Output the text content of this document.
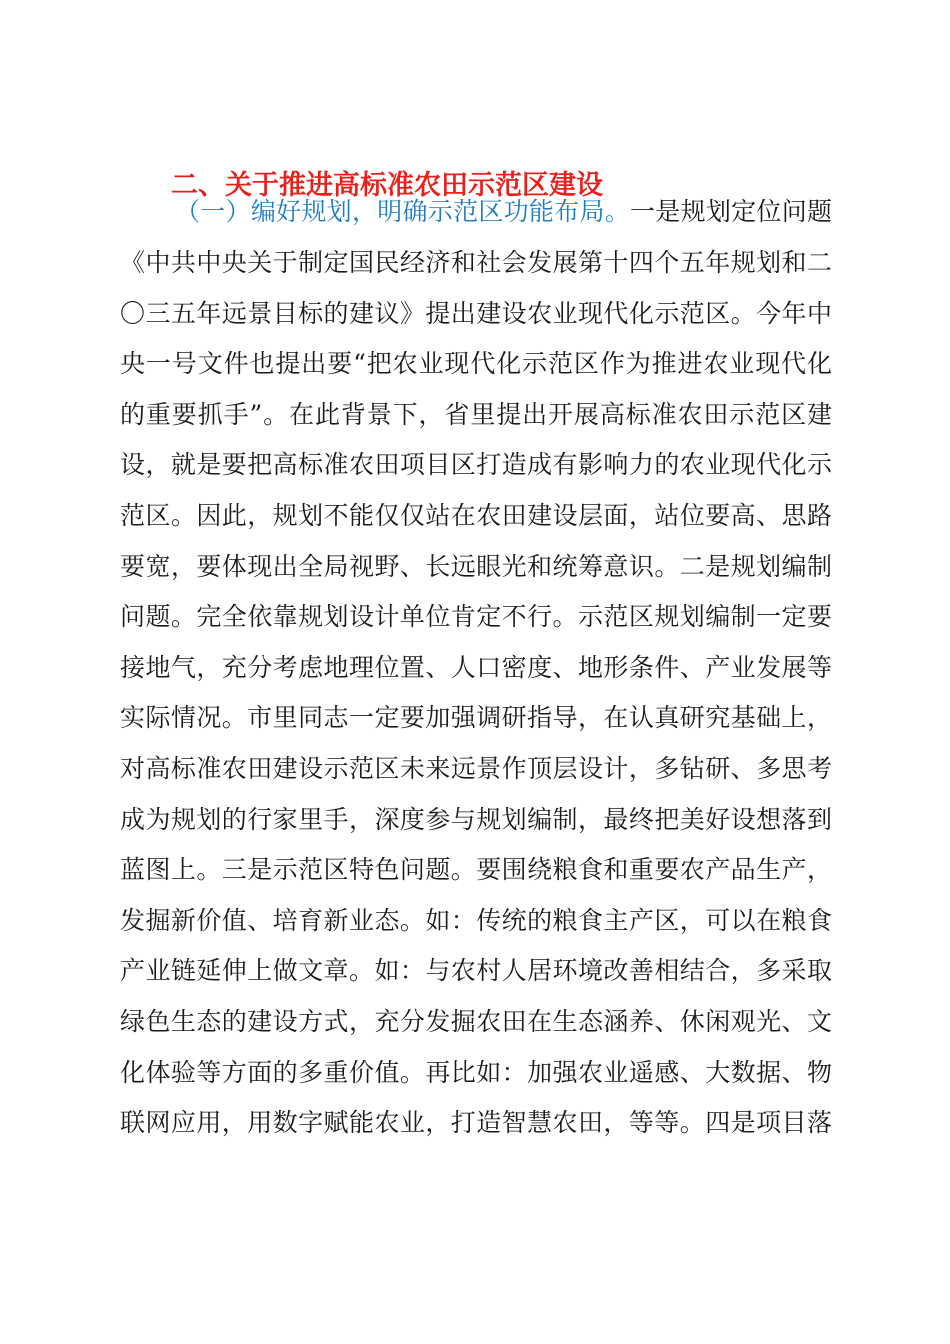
二、关于推进高标准农田示范区建设
（一）编好规划，明确示范区功能布局。一是规划定位问题
《中共中央关于制定国民经济和社会发展第十四个五年规划和二
〇三五年远景目标的建议》提出建设农业现代化示范区。今年中
央一号文件也提出要“把农业现代化示范区作为推进农业现代化
的重要抓手”。在此背景下，省里提出开展高标准农田示范区建
设，就是要把高标准农田项目区打造成有影响力的农业现代化示
范区。因此，规划不能仅仅站在农田建设层面，站位要高、思路
要宽，要体现出全局视野、长远眼光和统筹意识。二是规划编制
问题。完全依靠规划设计单位肯定不行。示范区规划编制一定要
接地气，充分考虑地理位置、人口密度、地形条件、产业发展等
实际情况。市里同志一定要加强调研指导，在认真研究基础上，
对高标准农田建设示范区未来远景作顶层设计，多钻研、多思考
成为规划的行家里手，深度参与规划编制，最终把美好设想落到
蓝图上。三是示范区特色问题。要围绕粮食和重要农产品生产，
发掘新价值、培育新业态。如：传统的粮食主产区，可以在粮食
产业链延伸上做文章。如：与农村人居环境改善相结合，多采取
绿色生态的建设方式，充分发掘农田在生态涵养、休闲观光、文
化体验等方面的多重价值。再比如：加强农业遥感、大数据、物
联网应用，用数字赋能农业，打造智慧农田，等等。四是项目落
